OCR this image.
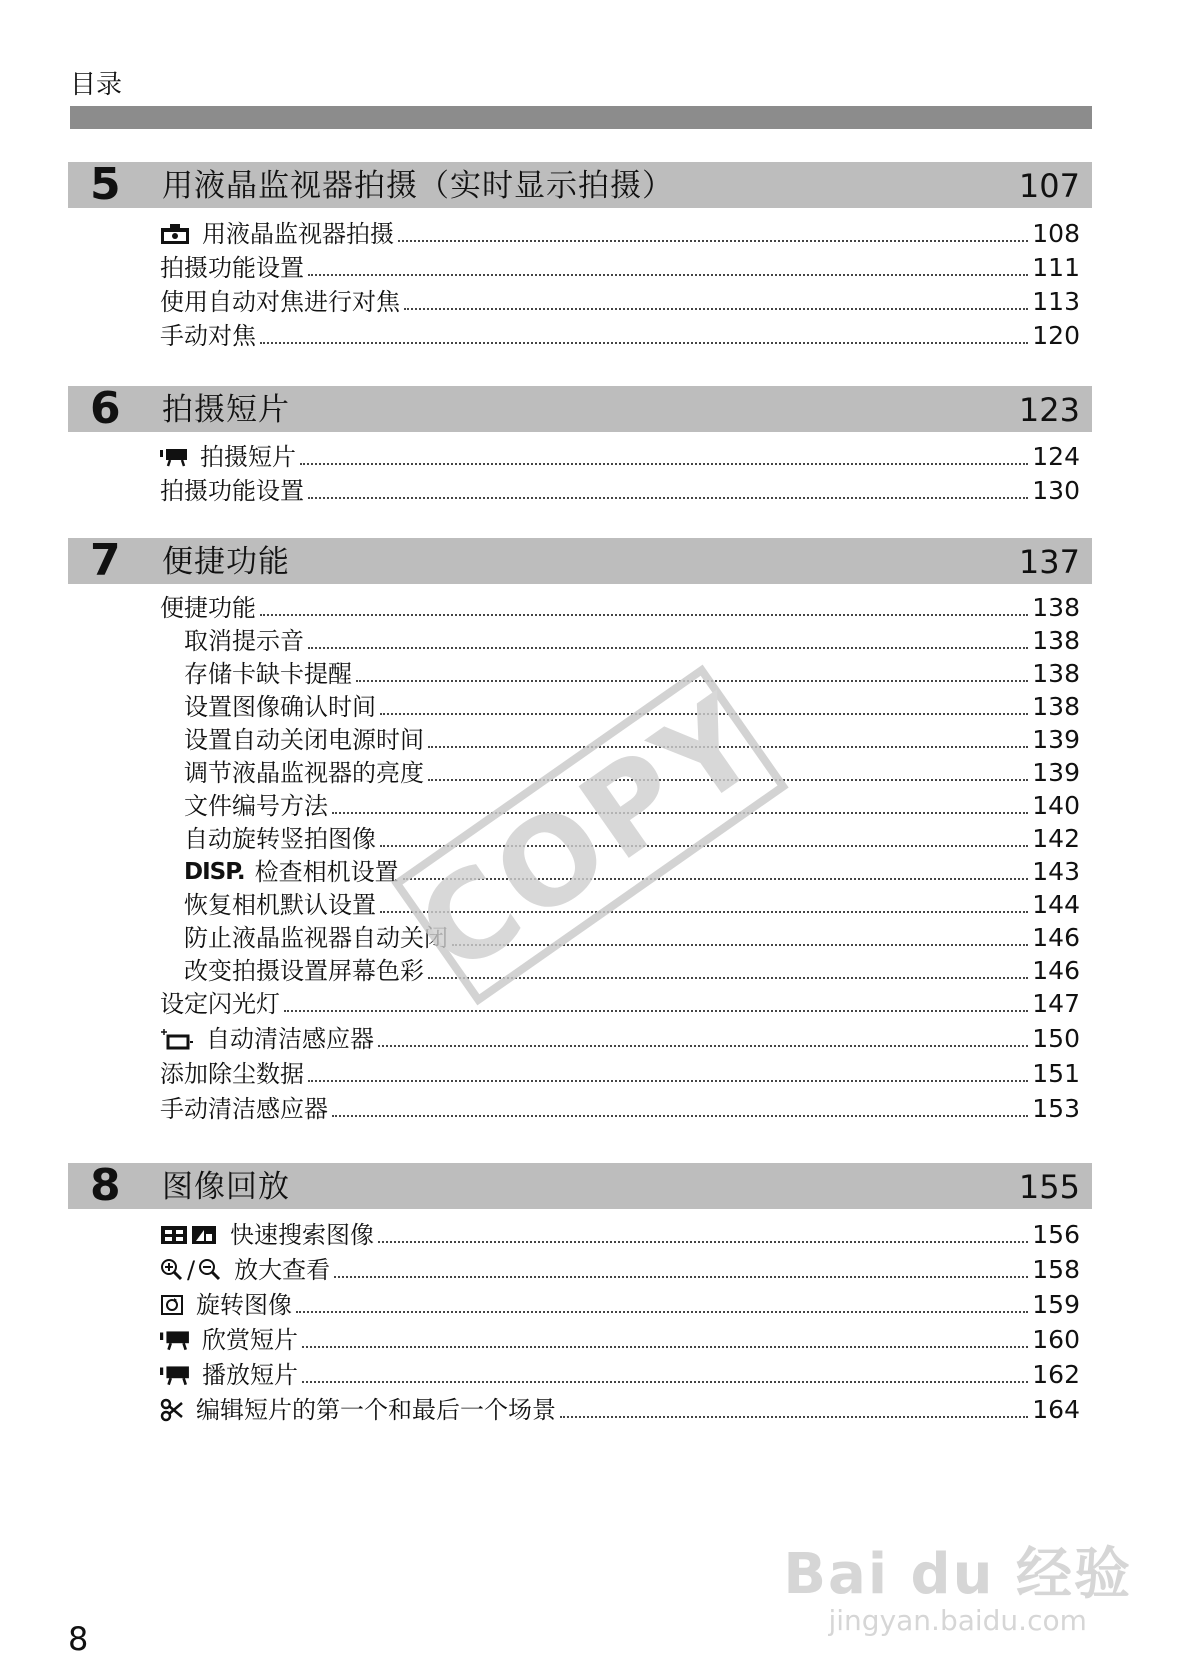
目录
5 用液晶监视器拍摄（实时显示拍摄）	107
用液晶监视器拍摄	108
拍摄功能设置	111
使用自动对焦进行对焦	113
手动对焦	120
6 拍摄短片	123
拍摄短片	124
拍摄功能设置	130
7 便捷功能	137
便捷功能	138
取消提示音	138
存储卡缺卡提醒	138
设置图像确认时间	138
设置自动关闭电源时间	139
调节液晶监视器的亮度	139
文件编号方法	140
自动旋转竖拍图像	142
DISP. 检查相机设置	143
恢复相机默认设置	144
防止液晶监视器自动关闭	146
改变拍摄设置屏幕色彩	146
设定闪光灯	147
自动清洁感应器	150
添加除尘数据	151
手动清洁感应器	153
8 图像回放	155
快速搜索图像	156
/ 放大查看	158
旋转图像	159
欣赏短片	160
播放短片	162
编辑短片的第一个和最后一个场景	164
COPY
Bai du 经验
jingyan.baidu.com
8
